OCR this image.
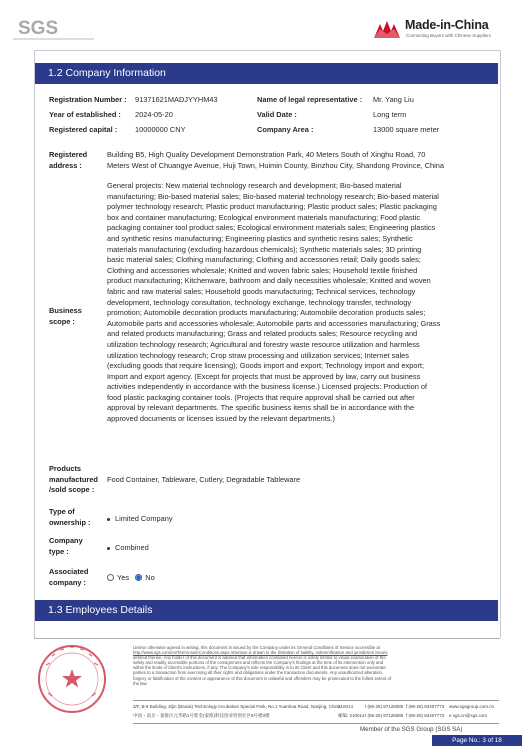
SGS	Made-in-China
Connecting Buyers with Chinese Suppliers
1.2 Company Information
Registration Number : 91371621MADJYYHM43	Name of legal representative : Mr. Yang Liu
Year of established : 2024-05-20	Valid Date :	Long term
Registered capital : 10000000 CNY	Company Area :	13000 square meter
Registered
address :
Building B5, High Quality Development Demonstration Park, 40 Meters South of Xinghu Road, 70
Meters West of Chuangye Avenue, Huji Town, Huimin County, Binzhou City, Shandong Province, China
Business
scope :
General projects: New material technology research and development; Bio-based material
manufacturing; Bio-based material sales; Bio-based material technology research; Bio-based material
polymer technology research; Plastic product manufacturing; Plastic product sales; Plastic packaging
box and container manufacturing; Ecological environment materials manufacturing; Food plastic
packaging container tool product sales; Ecological environment materials sales; Engineering plastics
and synthetic resins manufacturing; Engineering plastics and synthetic resins sales; Synthetic
materials manufacturing (excluding hazardous chemicals); Synthetic materials sales; 3D printing
basic material sales; Clothing manufacturing; Clothing and accessories retail; Daily goods sales;
Clothing and accessories wholesale; Knitted and woven fabric sales; Household textile finished
product manufacturing; Kitchenware, bathroom and daily necessities wholesale; Knitted and woven
fabric and raw material sales; Household goods manufacturing; Technical services, technology
development, technology consultation, technology exchange, technology transfer, technology
promotion; Automobile decoration products manufacturing; Automobile decoration products sales;
Automobile parts and accessories wholesale; Automobile parts and accessories manufacturing; Grass
and related products manufacturing; Grass and related products sales; Resource recycling and
utilization technology research; Agricultural and forestry waste resource utilization and harmless
utilization technology research; Crop straw processing and utilization services; Internet sales
(excluding goods that require licensing); Goods import and export; Technology import and export;
Import and export agency. (Except for projects that must be approved by law, carry out business
activities independently in accordance with the business license.) Licensed projects: Production of
food plastic packaging container tools. (Projects that require approval shall be carried out after
approval by relevant departments. The specific business items shall be in accordance with the
approved documents or licenses issued by the relevant departments.)
Products
manufactured
/sold scope :
Food Container, Tableware, Cutlery, Degradable Tableware
Type of
ownership :	Limited Company
Company
type :	Combined
Associated
company :
Yes No
1.3 Employees Details
Unless otherwise agreed in writing, this document is issued by the Company under its General Conditions of Service accessible at
http://www.sgs.com/en/Terms-and-Conditions.aspx Attention is drawn to the limitation of liability, indemnification and jurisdiction issues
defined therein. Any holder of this document is advised that information contained hereon is solely limited to visual examination of the
safely and readily accessible portions of the consignment and reflects the Company's findings at the time of its intervention only and
within the limits of Client's instructions, if any. The Company's sole responsibility is to its Client and this document does not exonerate
parties to a transaction from exercising all their rights and obligations under the transaction documents. Any unauthorized alteration,
forgery or falsification of the content or appearance of this document is unlawful and offenders may be prosecuted to the fullest extent of
the law.
3/F, B-8 Building, Zijin (Baixia) Technology Incubation Special Park, No.1 Yuanhua Road, Nanjing, China
210014	t (86-25) 87128385 f (86-25) 83407773 www.sgsgroup.com.cn
中国・南京・秦淮区元华路1号紫金(秦淮)科技创业特别社区8号楼3楼	邮编: 210014 t (86-25) 87128385 f (86-25) 83407773 e sgs.cn@sgs.com
Member of the SGS Group (SGS SA)
Page No.: 3 of 18
